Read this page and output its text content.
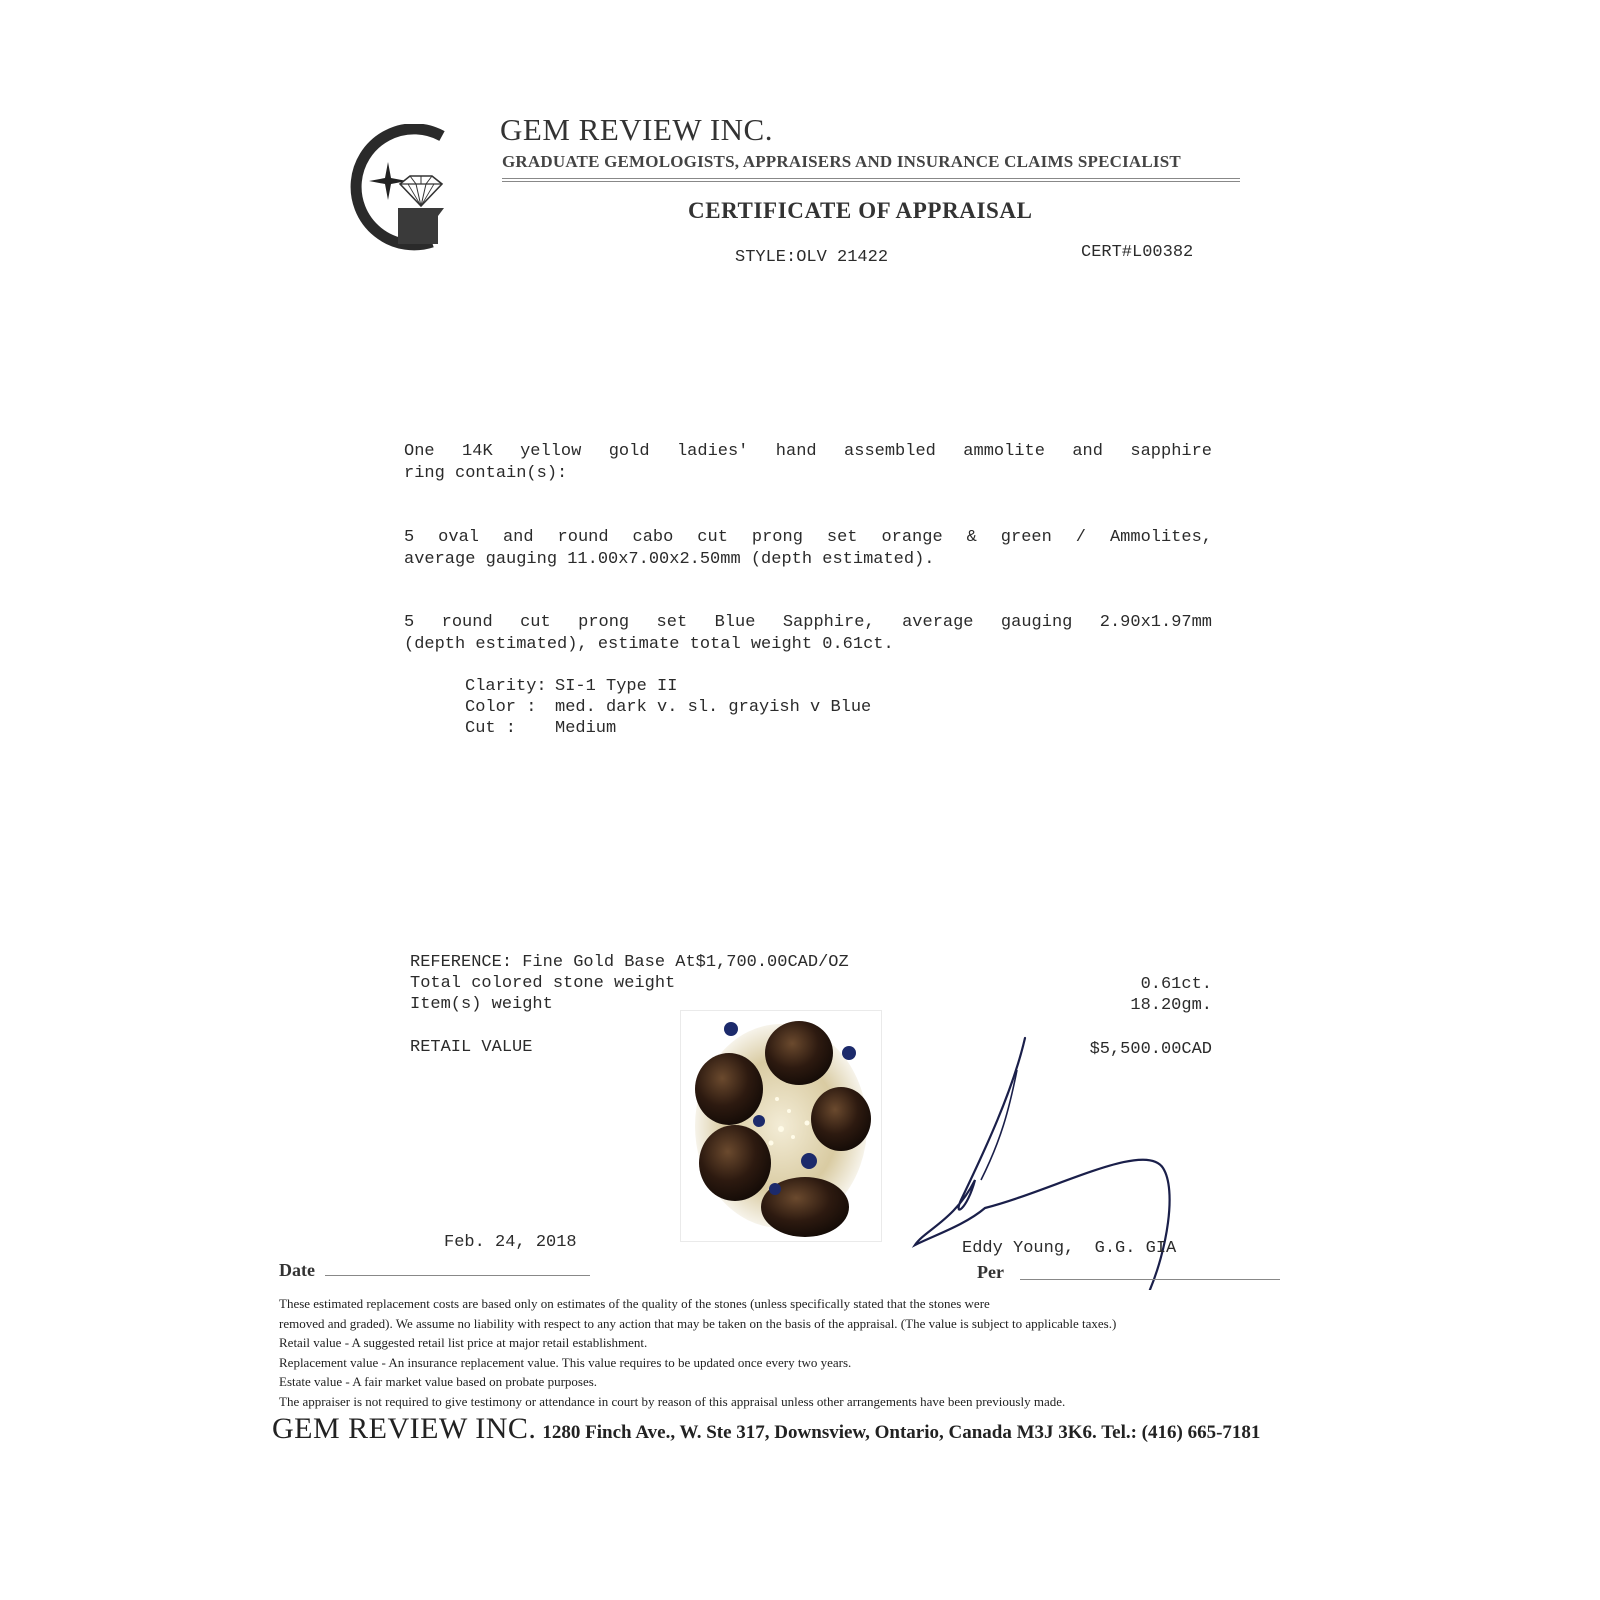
GEM REVIEW INC.
GRADUATE GEMOLOGISTS, APPRAISERS AND INSURANCE CLAIMS SPECIALIST
CERTIFICATE OF APPRAISAL
STYLE:OLV 21422	CERT#L00382
One 14K yellow gold ladies' hand assembled ammolite and sapphire
ring contain(s):
5 oval and round cabo cut prong set orange & green / Ammolites,
average gauging 11.00x7.00x2.50mm (depth estimated).
5 round cut prong set Blue Sapphire, average gauging 2.90x1.97mm
(depth estimated), estimate total weight 0.61ct.
Clarity: SI-1 Type II
Color : med. dark v. sl. grayish v Blue
Cut : Medium
REFERENCE: Fine Gold Base At$1,700.00CAD/OZ
Total colored stone weight
Item(s) weight
0.61ct.
18.20gm.
RETAIL VALUE	$5,500.00CAD
Feb. 24, 2018
Date
Eddy Young,  G.G. GIA
Per
These estimated replacement costs are based only on estimates of the quality of the stones (unless specifically stated that the stones were
removed and graded). We assume no liability with respect to any action that may be taken on the basis of the appraisal. (The value is subject to applicable taxes.)
Retail value - A suggested retail list price at major retail establishment.
Replacement value - An insurance replacement value. This value requires to be updated once every two years.
Estate value - A fair market value based on probate purposes.
The appraiser is not required to give testimony or attendance in court by reason of this appraisal unless other arrangements have been previously made.
GEM REVIEW INC. 1280 Finch Ave., W. Ste 317, Downsview, Ontario, Canada M3J 3K6. Tel.: (416) 665-7181
